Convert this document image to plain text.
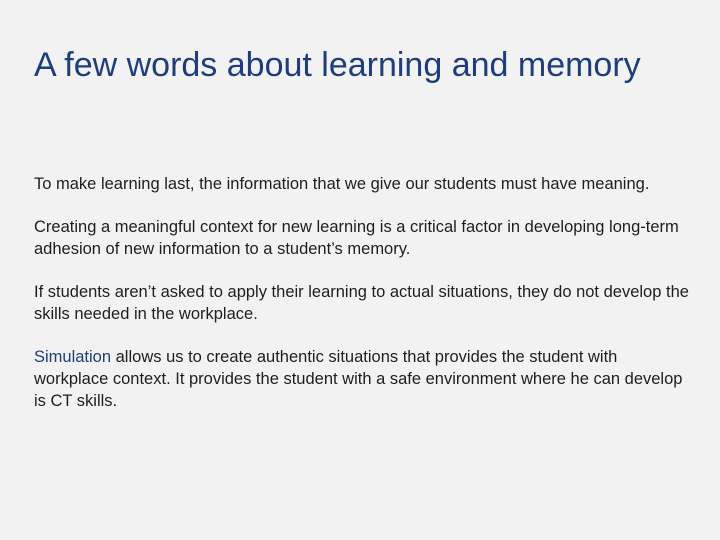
A few words about learning and memory

To make learning last, the information that we give our students must have meaning.

Creating a meaningful context for new learning is a critical factor in developing long-term adhesion of new information to a student’s memory.

If students aren’t asked to apply their learning to actual situations, they do not develop the skills needed in the workplace.

Simulation allows us to create authentic situations that provides the student with workplace context. It provides the student with a safe environment where he can develop is CT skills.
